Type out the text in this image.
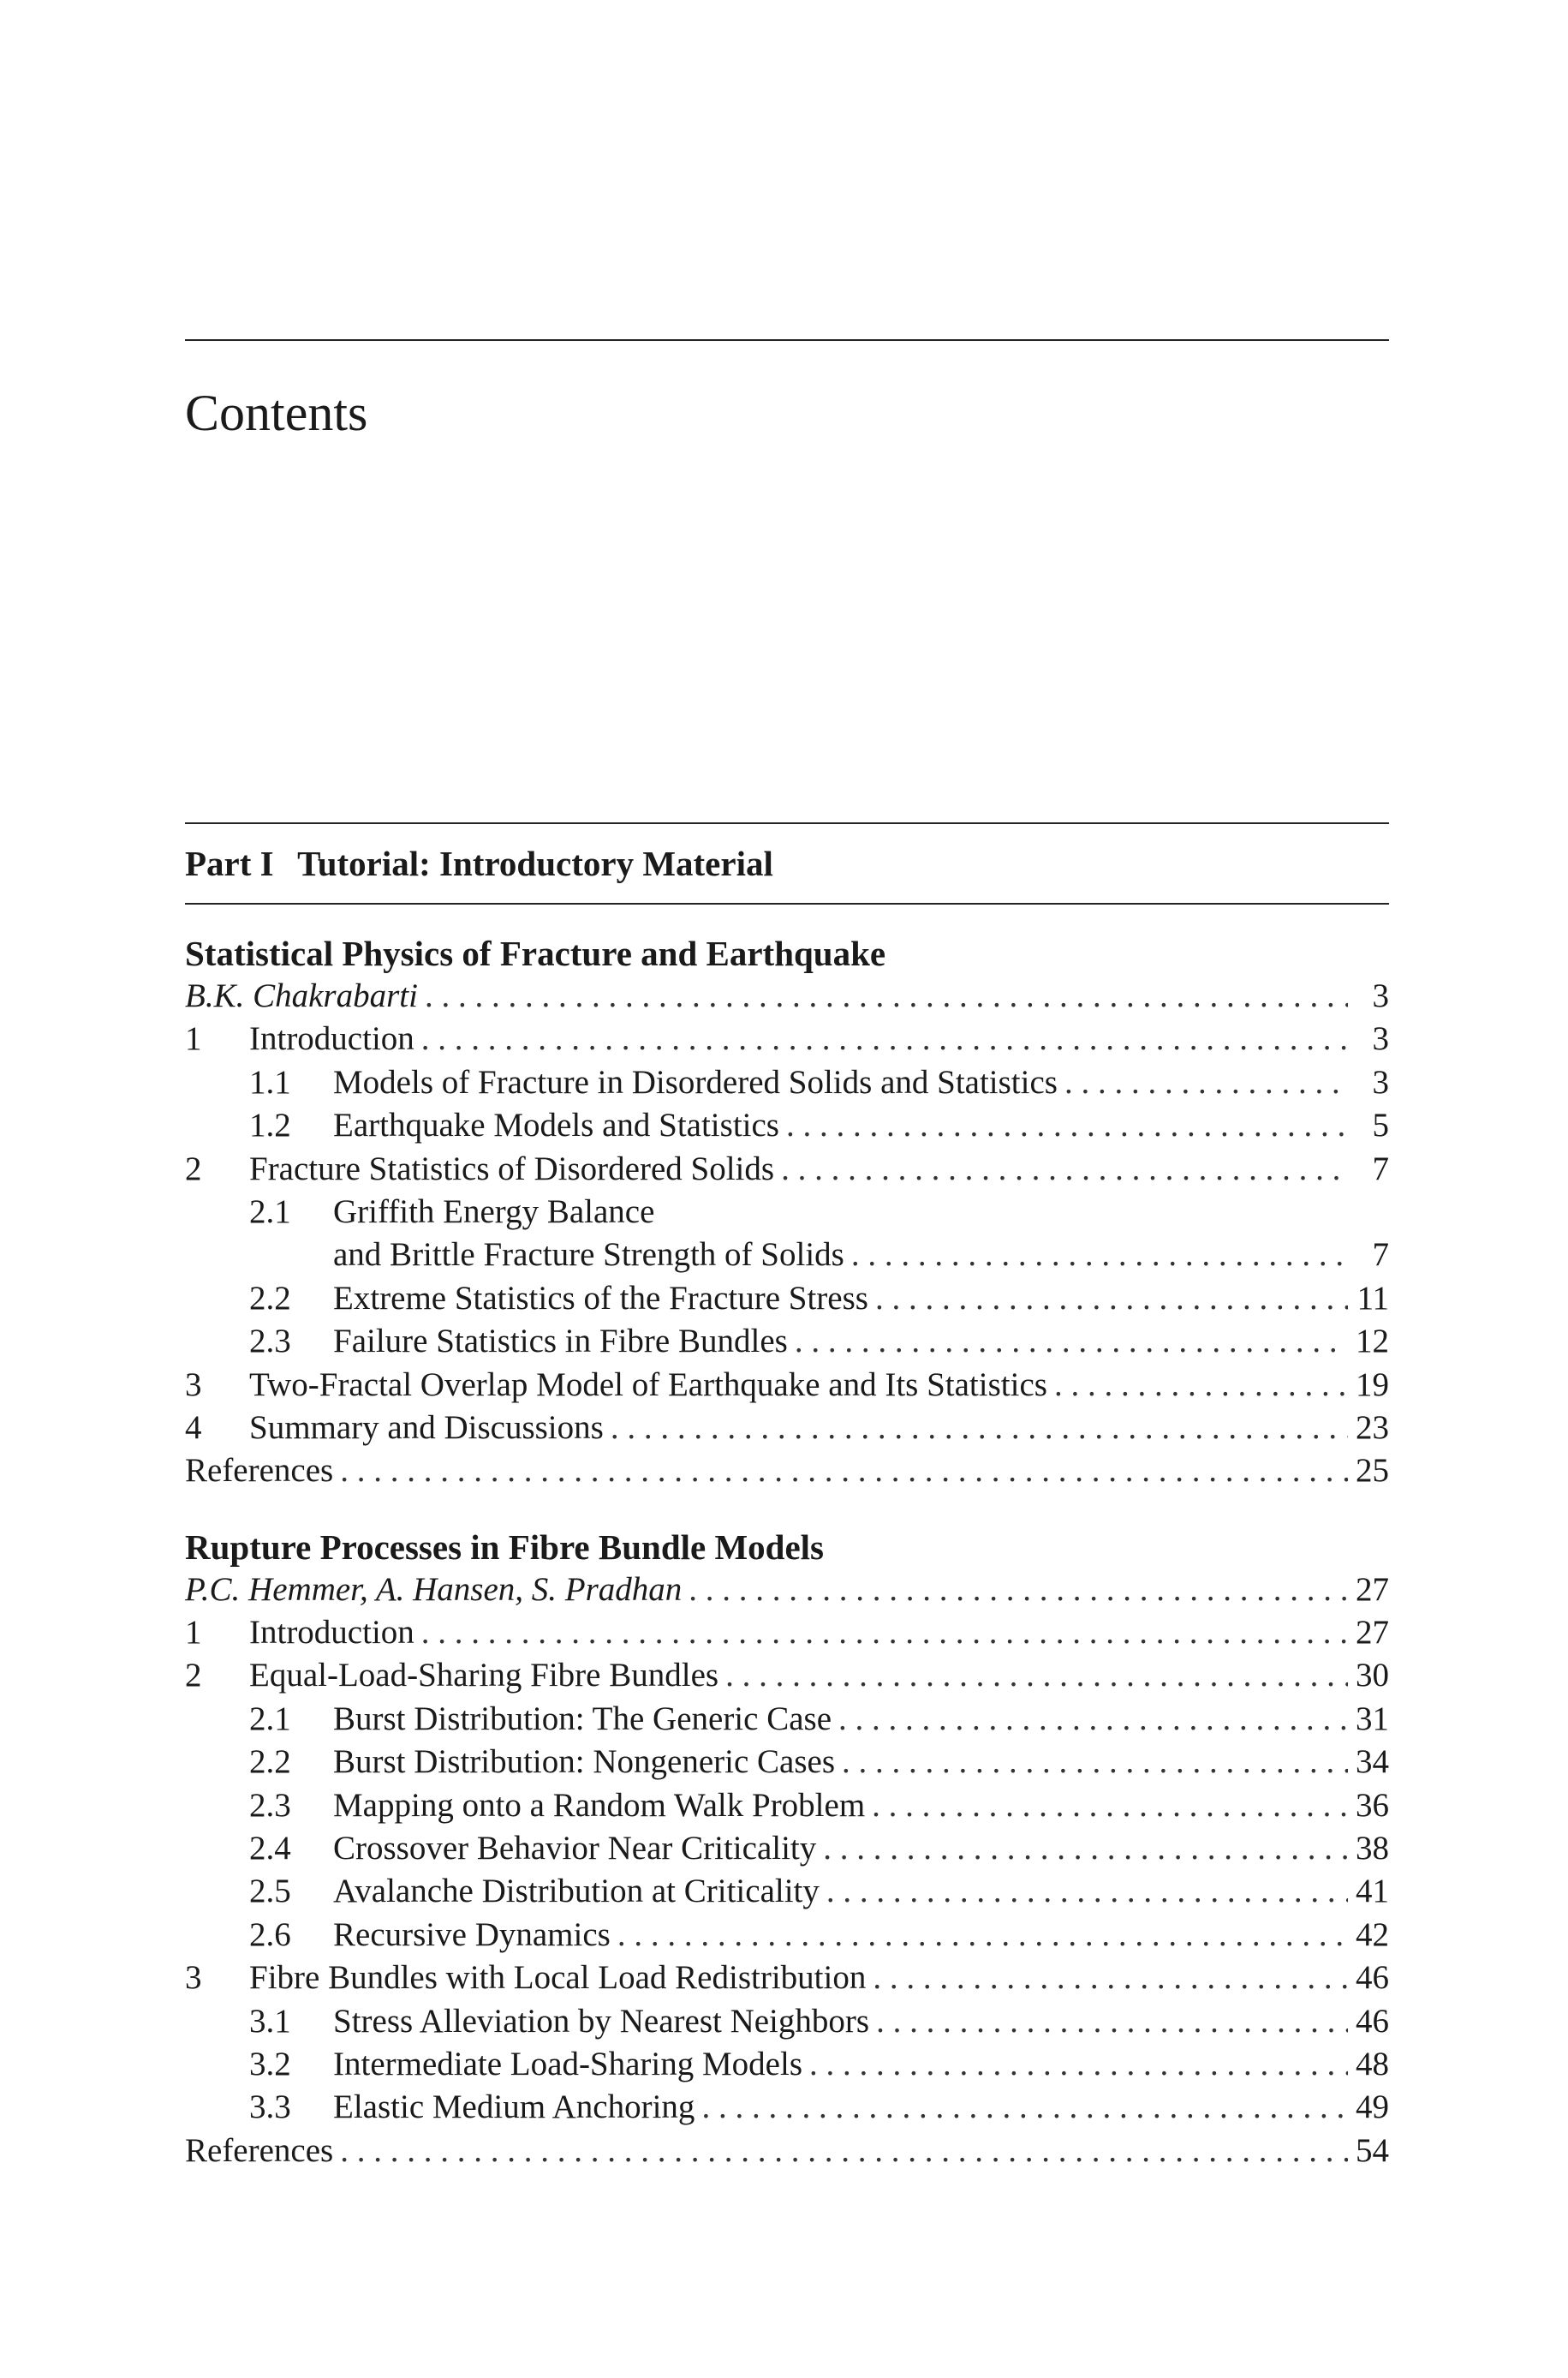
Contents
Part I Tutorial: Introductory Material
Statistical Physics of Fracture and Earthquake
B.K. Chakrabarti . . .	3
1	Introduction . . .	3
1.1	Models of Fracture in Disordered Solids and Statistics . . .	3
1.2	Earthquake Models and Statistics . . .	5
2	Fracture Statistics of Disordered Solids . . .	7
2.1	Griffith Energy Balance
and Brittle Fracture Strength of Solids . . .	7
2.2	Extreme Statistics of the Fracture Stress . . .	11
2.3	Failure Statistics in Fibre Bundles . . .	12
3	Two-Fractal Overlap Model of Earthquake and Its Statistics . . .	19
4	Summary and Discussions . . .	23
References . . .	25
Rupture Processes in Fibre Bundle Models
P.C. Hemmer, A. Hansen, S. Pradhan . . .	27
1	Introduction . . .	27
2	Equal-Load-Sharing Fibre Bundles . . .	30
2.1	Burst Distribution: The Generic Case . . .	31
2.2	Burst Distribution: Nongeneric Cases . . .	34
2.3	Mapping onto a Random Walk Problem . . .	36
2.4	Crossover Behavior Near Criticality . . .	38
2.5	Avalanche Distribution at Criticality . . .	41
2.6	Recursive Dynamics . . .	42
3	Fibre Bundles with Local Load Redistribution . . .	46
3.1	Stress Alleviation by Nearest Neighbors . . .	46
3.2	Intermediate Load-Sharing Models . . .	48
3.3	Elastic Medium Anchoring . . .	49
References . . .	54
